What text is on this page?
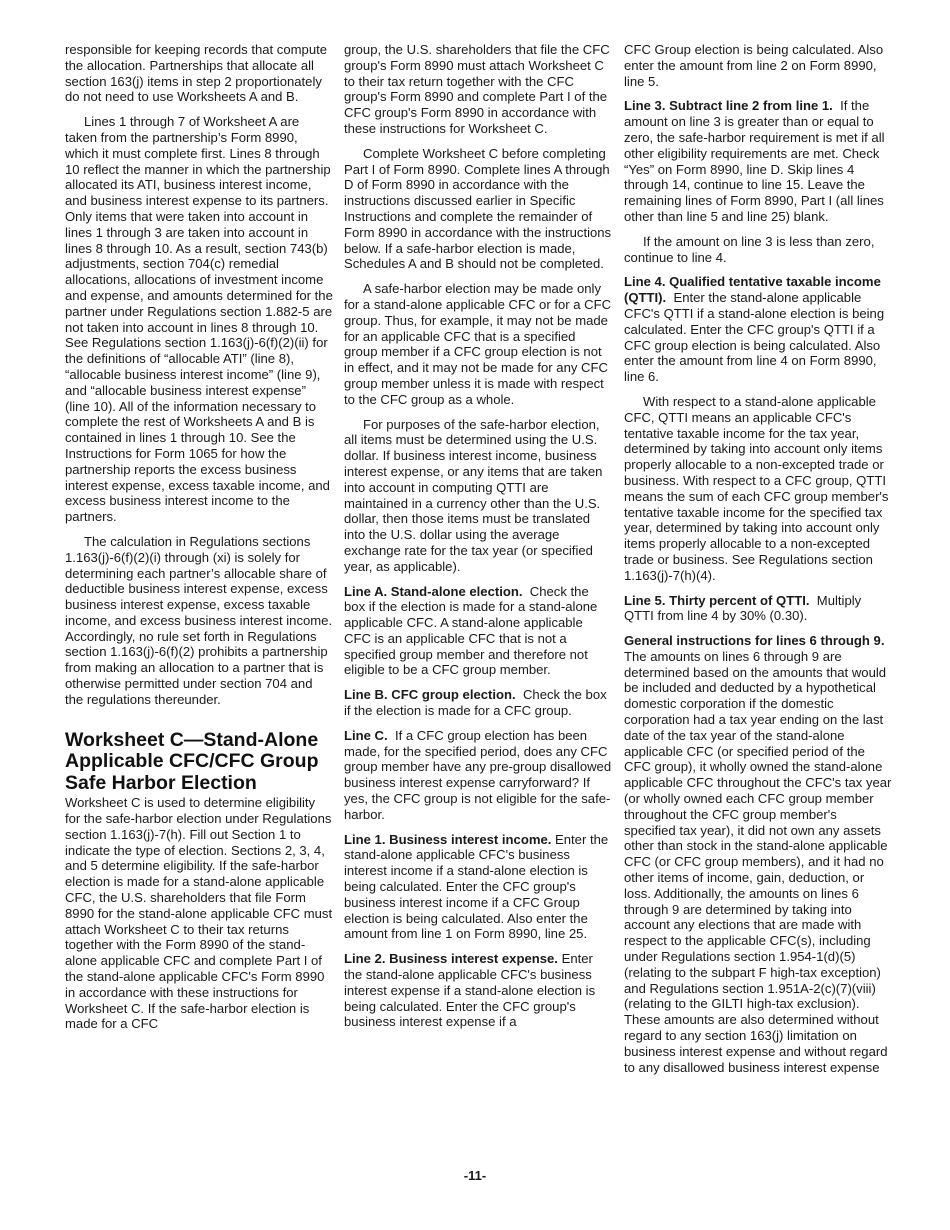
responsible for keeping records that compute the allocation. Partnerships that allocate all section 163(j) items in step 2 proportionately do not need to use Worksheets A and B.

Lines 1 through 7 of Worksheet A are taken from the partnership’s Form 8990, which it must complete first. Lines 8 through 10 reflect the manner in which the partnership allocated its ATI, business interest income, and business interest expense to its partners. Only items that were taken into account in lines 1 through 3 are taken into account in lines 8 through 10. As a result, section 743(b) adjustments, section 704(c) remedial allocations, allocations of investment income and expense, and amounts determined for the partner under Regulations section 1.882-5 are not taken into account in lines 8 through 10. See Regulations section 1.163(j)-6(f)(2)(ii) for the definitions of “allocable ATI” (line 8), “allocable business interest income” (line 9), and “allocable business interest expense” (line 10). All of the information necessary to complete the rest of Worksheets A and B is contained in lines 1 through 10. See the Instructions for Form 1065 for how the partnership reports the excess business interest expense, excess taxable income, and excess business interest income to the partners.

The calculation in Regulations sections 1.163(j)-6(f)(2)(i) through (xi) is solely for determining each partner’s allocable share of deductible business interest expense, excess business interest expense, excess taxable income, and excess business interest income. Accordingly, no rule set forth in Regulations section 1.163(j)-6(f)(2) prohibits a partnership from making an allocation to a partner that is otherwise permitted under section 704 and the regulations thereunder.

Worksheet C—Stand-Alone Applicable CFC/CFC Group Safe Harbor Election

Worksheet C is used to determine eligibility for the safe-harbor election under Regulations section 1.163(j)-7(h). Fill out Section 1 to indicate the type of election. Sections 2, 3, 4, and 5 determine eligibility. If the safe-harbor election is made for a stand-alone applicable CFC, the U.S. shareholders that file Form 8990 for the stand-alone applicable CFC must attach Worksheet C to their tax returns together with the Form 8990 of the stand-alone applicable CFC and complete Part I of the stand-alone applicable CFC's Form 8990 in accordance with these instructions for Worksheet C. If the safe-harbor election is made for a CFC

group, the U.S. shareholders that file the CFC group's Form 8990 must attach Worksheet C to their tax return together with the CFC group's Form 8990 and complete Part I of the CFC group's Form 8990 in accordance with these instructions for Worksheet C.

Complete Worksheet C before completing Part I of Form 8990. Complete lines A through D of Form 8990 in accordance with the instructions discussed earlier in Specific Instructions and complete the remainder of Form 8990 in accordance with the instructions below. If a safe-harbor election is made, Schedules A and B should not be completed.

A safe-harbor election may be made only for a stand-alone applicable CFC or for a CFC group. Thus, for example, it may not be made for an applicable CFC that is a specified group member if a CFC group election is not in effect, and it may not be made for any CFC group member unless it is made with respect to the CFC group as a whole.

For purposes of the safe-harbor election, all items must be determined using the U.S. dollar. If business interest income, business interest expense, or any items that are taken into account in computing QTTI are maintained in a currency other than the U.S. dollar, then those items must be translated into the U.S. dollar using the average exchange rate for the tax year (or specified year, as applicable).

Line A. Stand-alone election. Check the box if the election is made for a stand-alone applicable CFC. A stand-alone applicable CFC is an applicable CFC that is not a specified group member and therefore not eligible to be a CFC group member.

Line B. CFC group election. Check the box if the election is made for a CFC group.

Line C. If a CFC group election has been made, for the specified period, does any CFC group member have any pre-group disallowed business interest expense carryforward? If yes, the CFC group is not eligible for the safe-harbor.

Line 1. Business interest income. Enter the stand-alone applicable CFC's business interest income if a stand-alone election is being calculated. Enter the CFC group's business interest income if a CFC Group election is being calculated. Also enter the amount from line 1 on Form 8990, line 25.

Line 2. Business interest expense. Enter the stand-alone applicable CFC's business interest expense if a stand-alone election is being calculated. Enter the CFC group's business interest expense if a

CFC Group election is being calculated. Also enter the amount from line 2 on Form 8990, line 5.

Line 3. Subtract line 2 from line 1. If the amount on line 3 is greater than or equal to zero, the safe-harbor requirement is met if all other eligibility requirements are met. Check “Yes” on Form 8990, line D. Skip lines 4 through 14, continue to line 15. Leave the remaining lines of Form 8990, Part I (all lines other than line 5 and line 25) blank.

If the amount on line 3 is less than zero, continue to line 4.

Line 4. Qualified tentative taxable income (QTTI). Enter the stand-alone applicable CFC's QTTI if a stand-alone election is being calculated. Enter the CFC group's QTTI if a CFC group election is being calculated. Also enter the amount from line 4 on Form 8990, line 6.

With respect to a stand-alone applicable CFC, QTTI means an applicable CFC's tentative taxable income for the tax year, determined by taking into account only items properly allocable to a non-excepted trade or business. With respect to a CFC group, QTTI means the sum of each CFC group member's tentative taxable income for the specified tax year, determined by taking into account only items properly allocable to a non-excepted trade or business. See Regulations section 1.163(j)-7(h)(4).

Line 5. Thirty percent of QTTI. Multiply QTTI from line 4 by 30% (0.30).

General instructions for lines 6 through 9.  The amounts on lines 6 through 9 are determined based on the amounts that would be included and deducted by a hypothetical domestic corporation if the domestic corporation had a tax year ending on the last date of the tax year of the stand-alone applicable CFC (or specified period of the CFC group), it wholly owned the stand-alone applicable CFC throughout the CFC's tax year (or wholly owned each CFC group member throughout the CFC group member's specified tax year), it did not own any assets other than stock in the stand-alone applicable CFC (or CFC group members), and it had no other items of income, gain, deduction, or loss. Additionally, the amounts on lines 6 through 9 are determined by taking into account any elections that are made with respect to the applicable CFC(s), including under Regulations section 1.954-1(d)(5) (relating to the subpart F high-tax exception) and Regulations section 1.951A-2(c)(7)(viii) (relating to the GILTI high-tax exclusion). These amounts are also determined without regard to any section 163(j) limitation on business interest expense and without regard to any disallowed business interest expense

-11-
